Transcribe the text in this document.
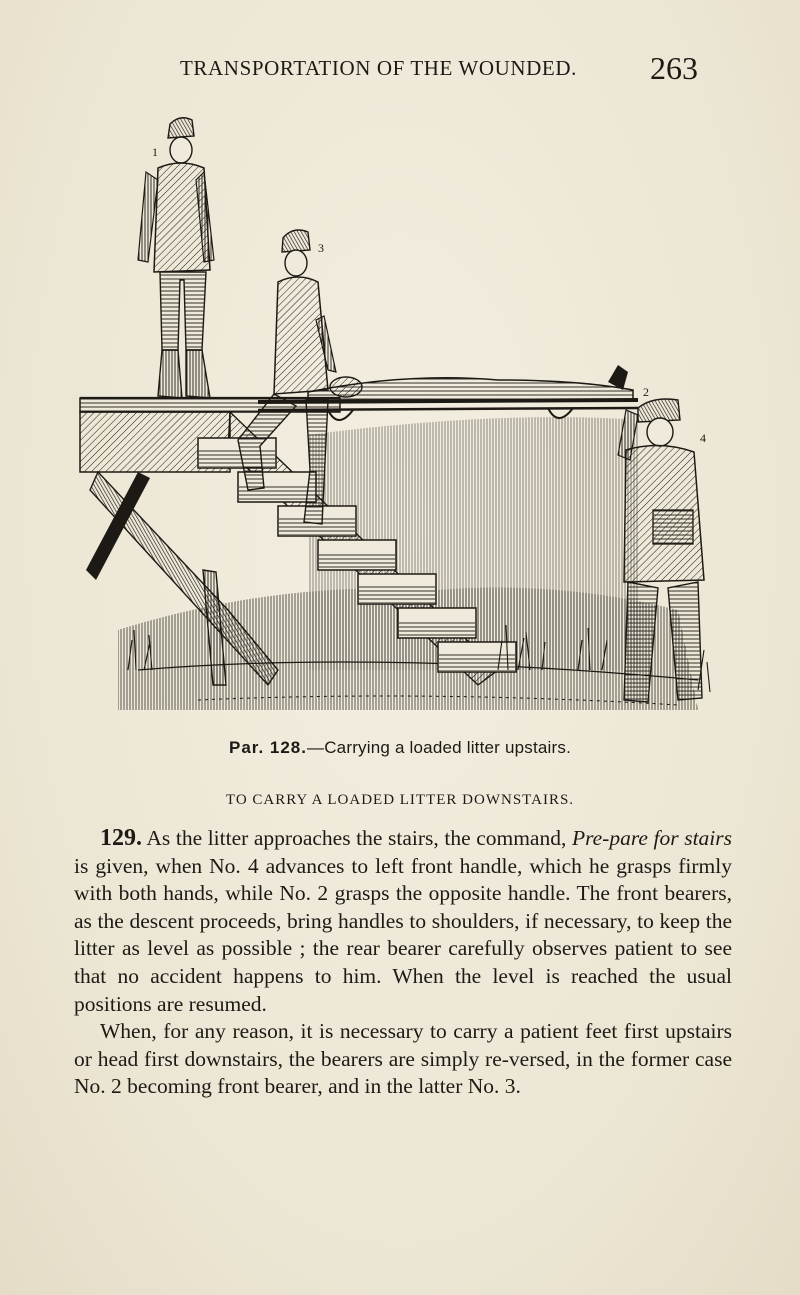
TRANSPORTATION OF THE WOUNDED. 263
1
2
3
4
Par. 128.—Carrying a loaded litter upstairs.
TO CARRY A LOADED LITTER DOWNSTAIRS.

129. As the litter approaches the stairs, the command, Pre-pare for stairs is given, when No. 4 advances to left front handle, which he grasps firmly with both hands, while No. 2 grasps the opposite handle. The front bearers, as the descent proceeds, bring handles to shoulders, if necessary, to keep the litter as level as possible ; the rear bearer carefully observes patient to see that no accident happens to him. When the level is reached the usual positions are resumed.

When, for any reason, it is necessary to carry a patient feet first upstairs or head first downstairs, the bearers are simply re-versed, in the former case No. 2 becoming front bearer, and in the latter No. 3.
